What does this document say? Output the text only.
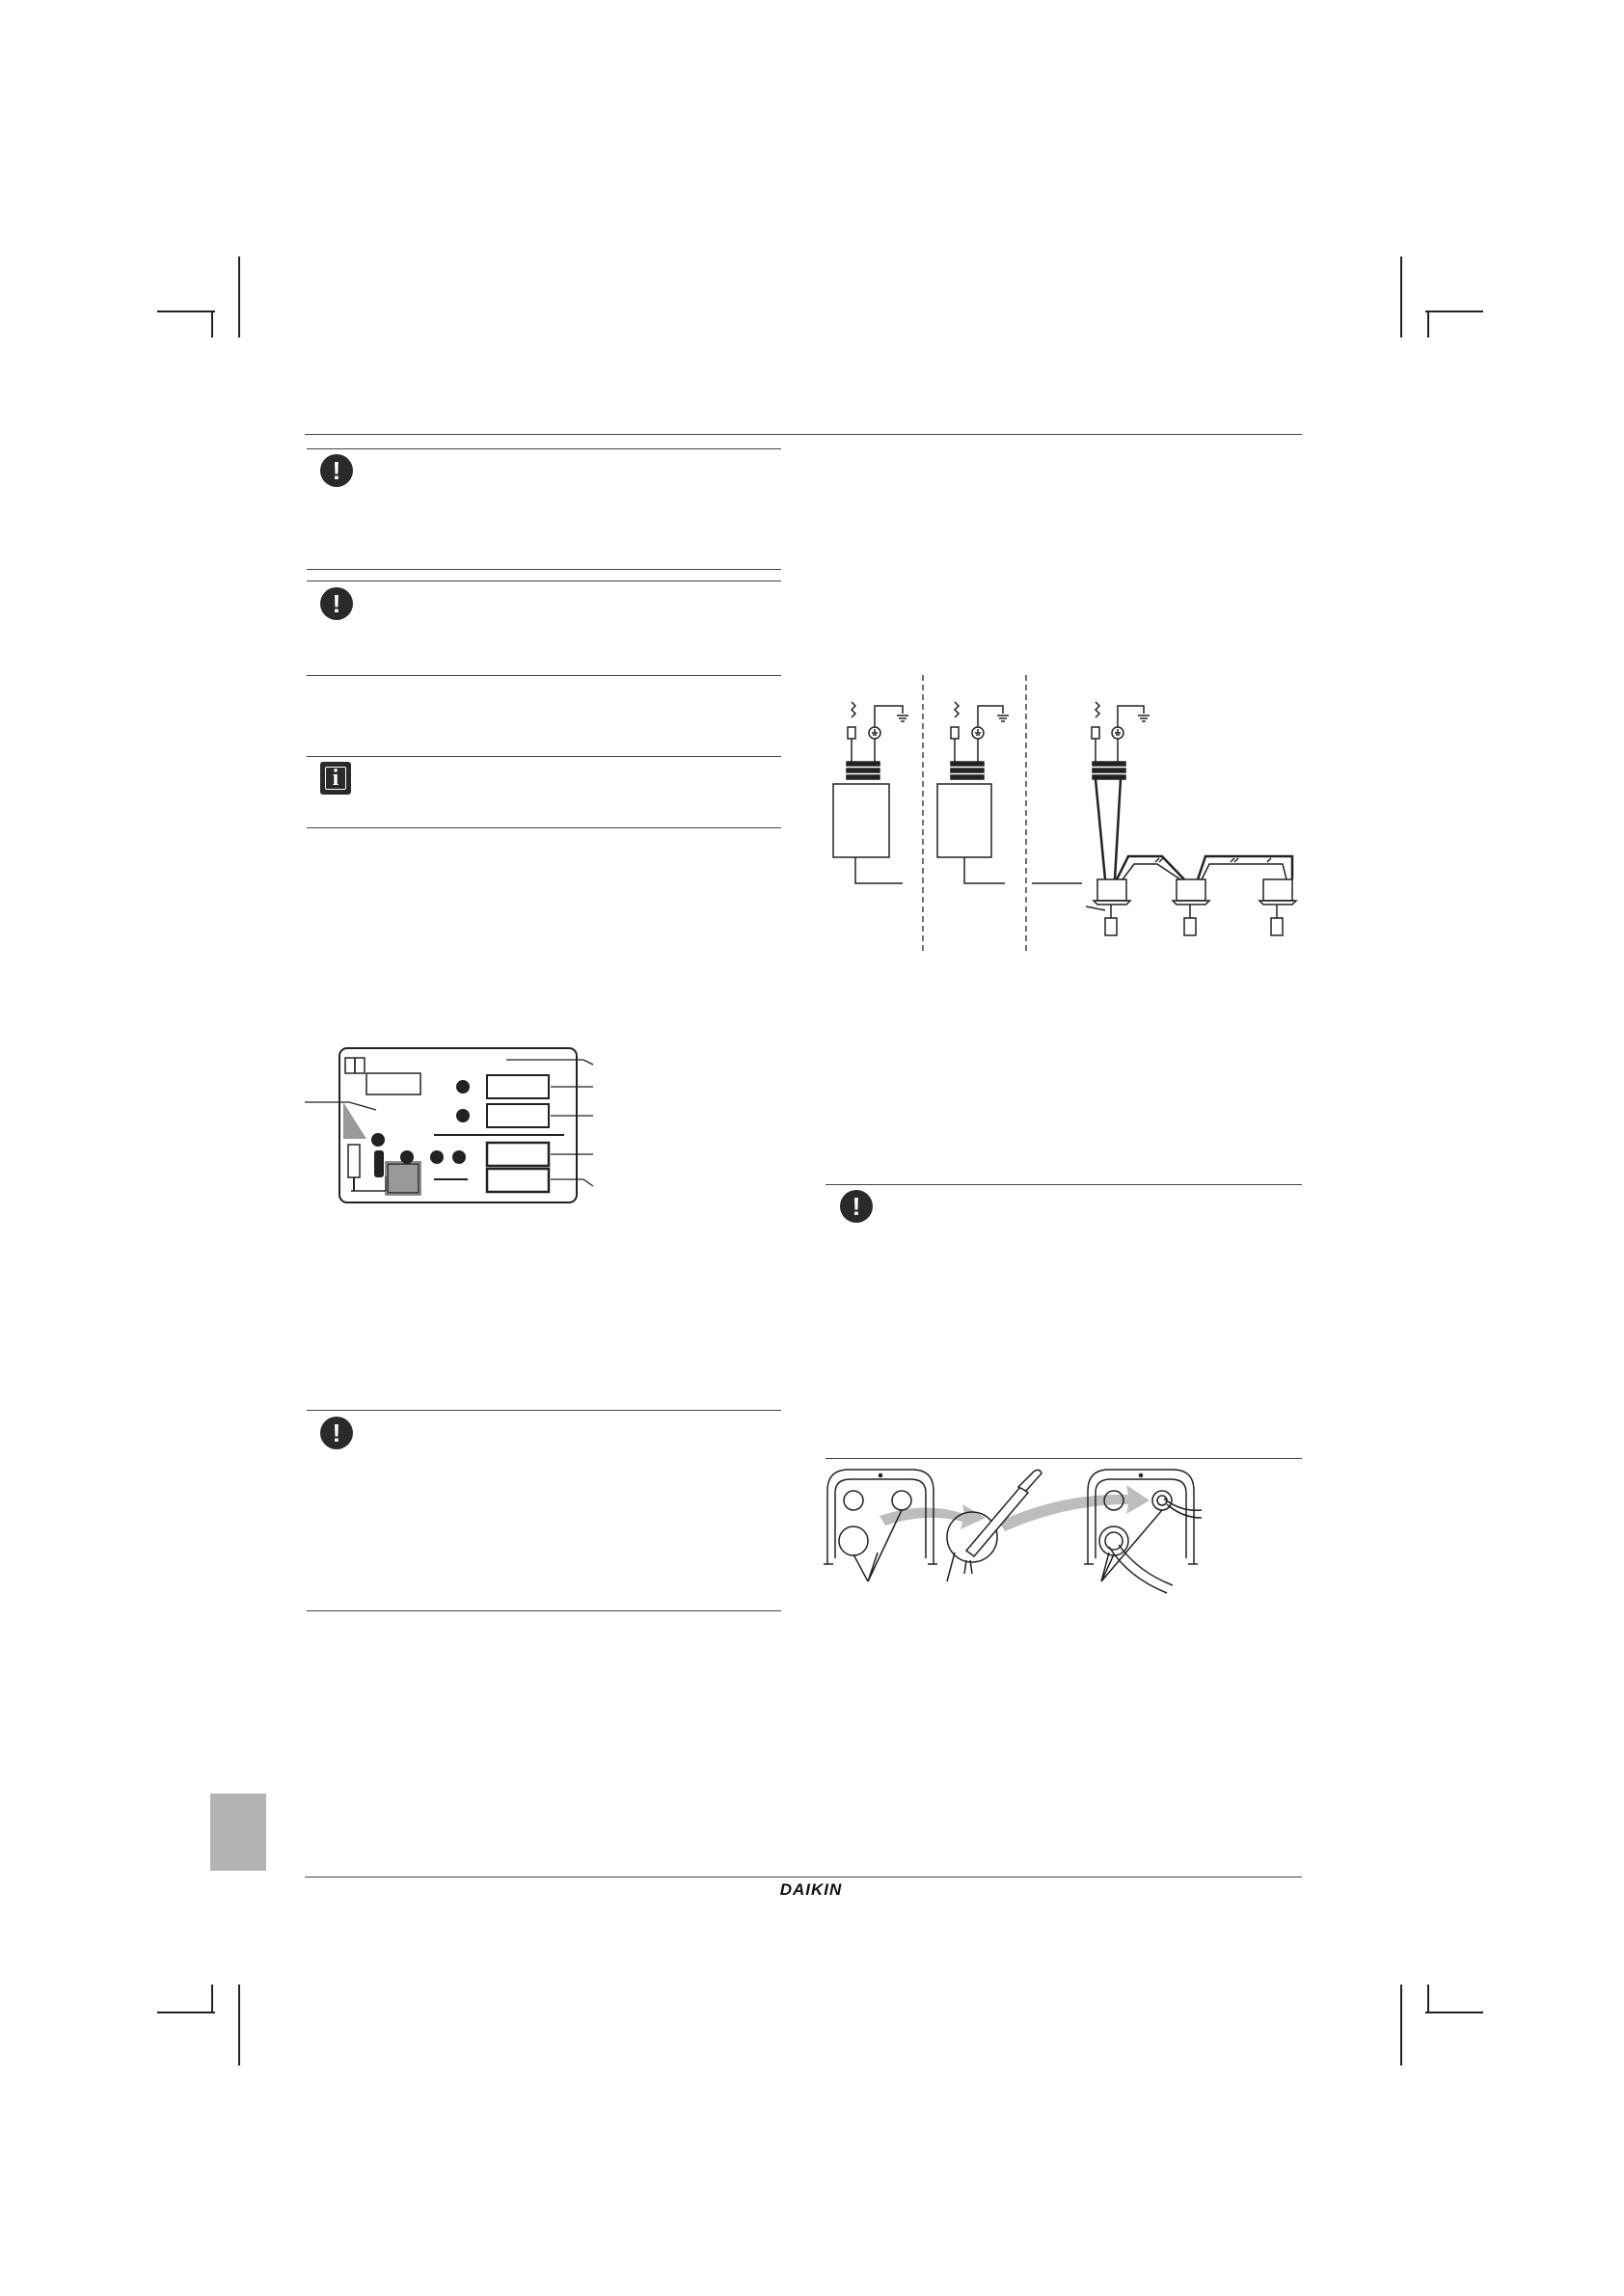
!
!
i
!
!
DAIKIN
